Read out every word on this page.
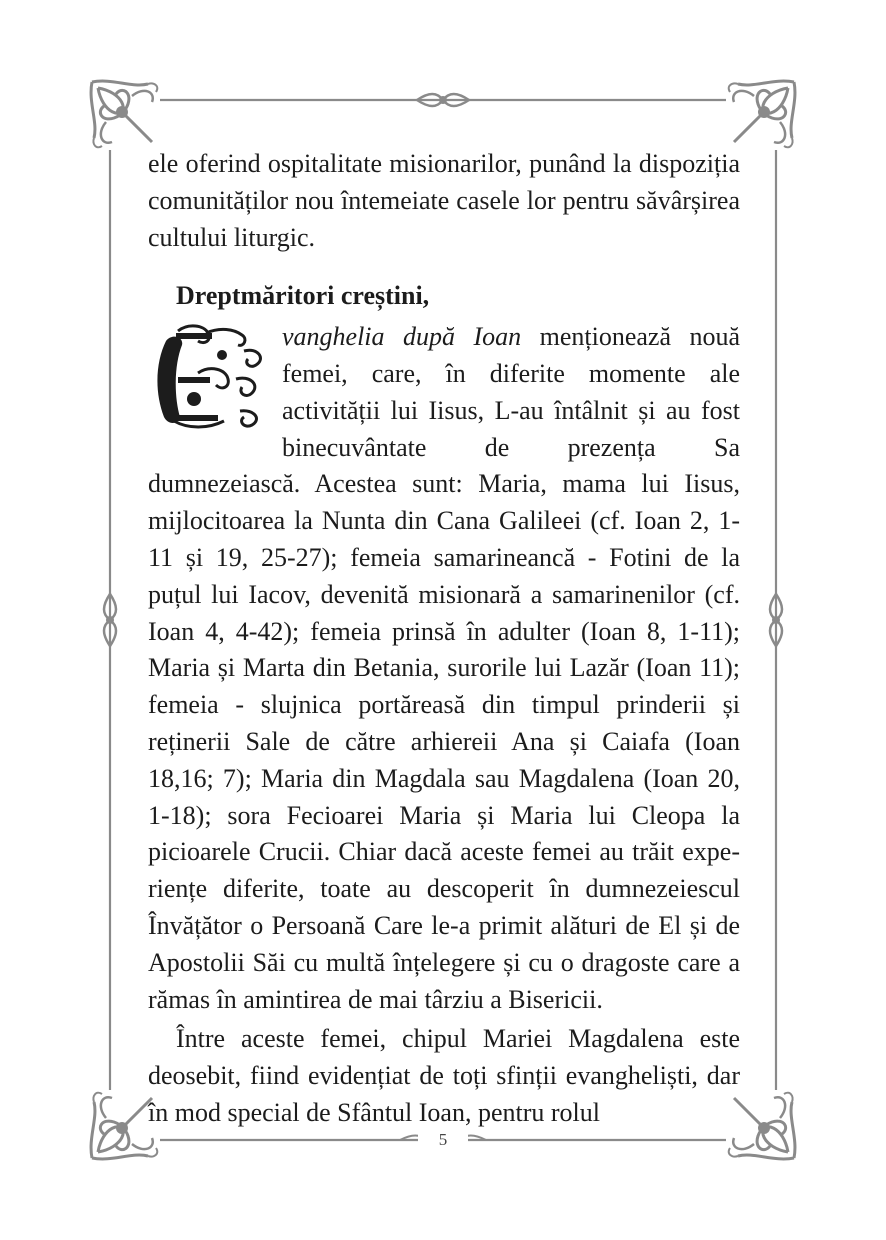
ele oferind ospitalitate misionarilor, punând la dispoziția comunităților nou întemeiate casele lor pentru săvârșirea cultului liturgic.

Dreptmăritori creștini,

vanghelia după Ioan menționează nouă femei, care, în diferite momente ale activității lui Iisus, L-au întâlnit și au fost binecuvântate de prezența Sa dumnezeiască. Acestea sunt: Maria, mama lui Iisus, mijlocitoarea la Nunta din Cana Galileei (cf. Ioan 2, 1-11 și 19, 25-27); femeia samarineancă - Fotini de la puțul lui Iacov, devenită misionară a samarinenilor (cf. Ioan 4, 4-42); femeia prinsă în adulter (Ioan 8, 1-11); Maria și Marta din Betania, surorile lui Lazăr (Ioan 11); femeia - slujnica portăreasă din timpul prinderii și reținerii Sale de către arhiereii Ana și Caiafa (Ioan 18,16; 7); Maria din Magdala sau Magdalena (Ioan 20, 1-18); sora Fecioarei Maria și Maria lui Cleopa la picioarele Crucii. Chiar dacă aceste femei au trăit experiențe diferite, toate au descoperit în dumnezeiescul Învățător o Persoană Care le-a primit alături de El și de Apostolii Săi cu multă înțelegere și cu o dragoste care a rămas în amintirea de mai târziu a Bisericii.

Între aceste femei, chipul Mariei Magdalena este deosebit, fiind evidențiat de toți sfinții evangheliști, dar în mod special de Sfântul Ioan, pentru rolul

5
